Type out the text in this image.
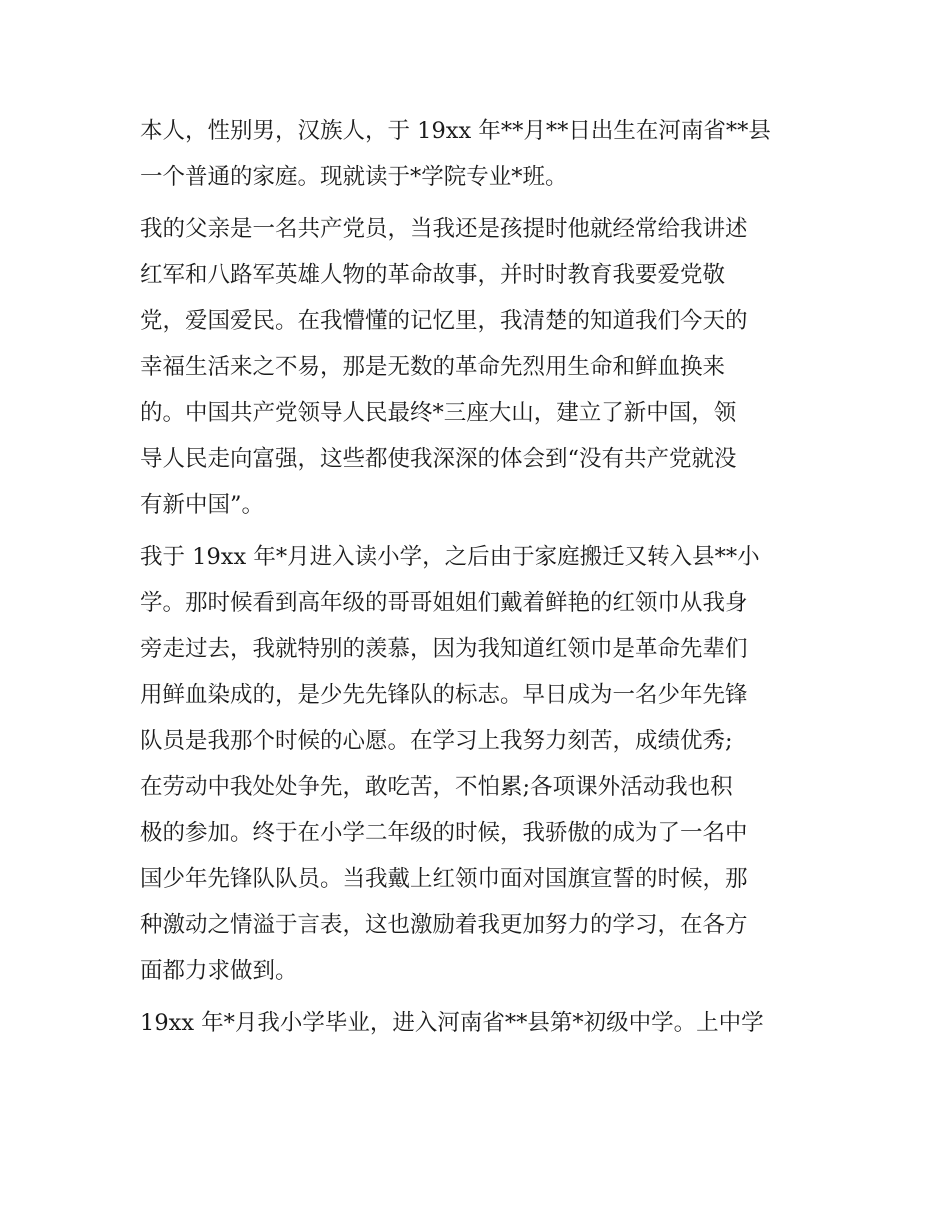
本人，性别男，汉族人，于 19xx 年**月**日出生在河南省**县
一个普通的家庭。现就读于*学院专业*班。
我的父亲是一名共产党员，当我还是孩提时他就经常给我讲述
红军和八路军英雄人物的革命故事，并时时教育我要爱党敬
党，爱国爱民。在我懵懂的记忆里，我清楚的知道我们今天的
幸福生活来之不易，那是无数的革命先烈用生命和鲜血换来
的。中国共产党领导人民最终*三座大山，建立了新中国，领
导人民走向富强，这些都使我深深的体会到“没有共产党就没
有新中国”。
我于 19xx 年*月进入读小学，之后由于家庭搬迁又转入县**小
学。那时候看到高年级的哥哥姐姐们戴着鲜艳的红领巾从我身
旁走过去，我就特别的羡慕，因为我知道红领巾是革命先辈们
用鲜血染成的，是少先先锋队的标志。早日成为一名少年先锋
队员是我那个时候的心愿。在学习上我努力刻苦，成绩优秀;
在劳动中我处处争先，敢吃苦，不怕累;各项课外活动我也积
极的参加。终于在小学二年级的时候，我骄傲的成为了一名中
国少年先锋队队员。当我戴上红领巾面对国旗宣誓的时候，那
种激动之情溢于言表，这也激励着我更加努力的学习，在各方
面都力求做到。
19xx 年*月我小学毕业，进入河南省**县第*初级中学。上中学
